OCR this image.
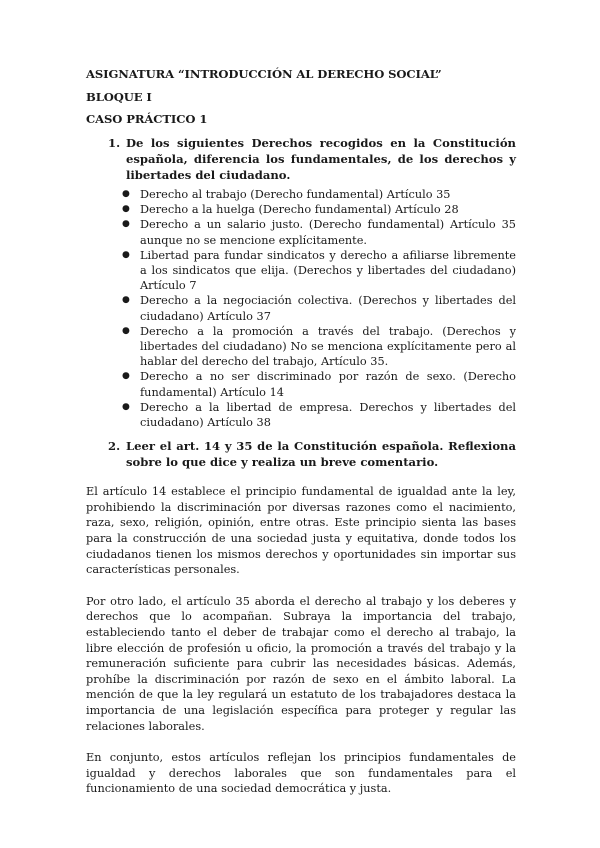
ASIGNATURA “INTRODUCCIÓN AL DERECHO SOCIAL”
BLOQUE I
CASO PRÁCTICO 1
1. De los siguientes Derechos recogidos en la Constitución española, diferencia los fundamentales, de los derechos y libertades del ciudadano.
● Derecho al trabajo (Derecho fundamental) Artículo 35
● Derecho a la huelga (Derecho fundamental) Artículo 28
● Derecho a un salario justo. (Derecho fundamental) Artículo 35 aunque no se mencione explícitamente.
● Libertad para fundar sindicatos y derecho a afiliarse libremente a los sindicatos que elija. (Derechos y libertades del ciudadano) Artículo 7
● Derecho a la negociación colectiva. (Derechos y libertades del ciudadano) Artículo 37
● Derecho a la promoción a través del trabajo. (Derechos y libertades del ciudadano) No se menciona explícitamente pero al hablar del derecho del trabajo, Artículo 35.
● Derecho a no ser discriminado por razón de sexo. (Derecho fundamental) Artículo 14
● Derecho a la libertad de empresa. Derechos y libertades del ciudadano) Artículo 38
2. Leer el art. 14 y 35 de la Constitución española. Reflexiona sobre lo que dice y realiza un breve comentario.

El artículo 14 establece el principio fundamental de igualdad ante la ley, prohibiendo la discriminación por diversas razones como el nacimiento, raza, sexo, religión, opinión, entre otras. Este principio sienta las bases para la construcción de una sociedad justa y equitativa, donde todos los ciudadanos tienen los mismos derechos y oportunidades sin importar sus características personales.

Por otro lado, el artículo 35 aborda el derecho al trabajo y los deberes y derechos que lo acompañan. Subraya la importancia del trabajo, estableciendo tanto el deber de trabajar como el derecho al trabajo, la libre elección de profesión u oficio, la promoción a través del trabajo y la remuneración suficiente para cubrir las necesidades básicas. Además, prohíbe la discriminación por razón de sexo en el ámbito laboral. La mención de que la ley regulará un estatuto de los trabajadores destaca la importancia de una legislación específica para proteger y regular las relaciones laborales.

En conjunto, estos artículos reflejan los principios fundamentales de igualdad y derechos laborales que son fundamentales para el funcionamiento de una sociedad democrática y justa.
